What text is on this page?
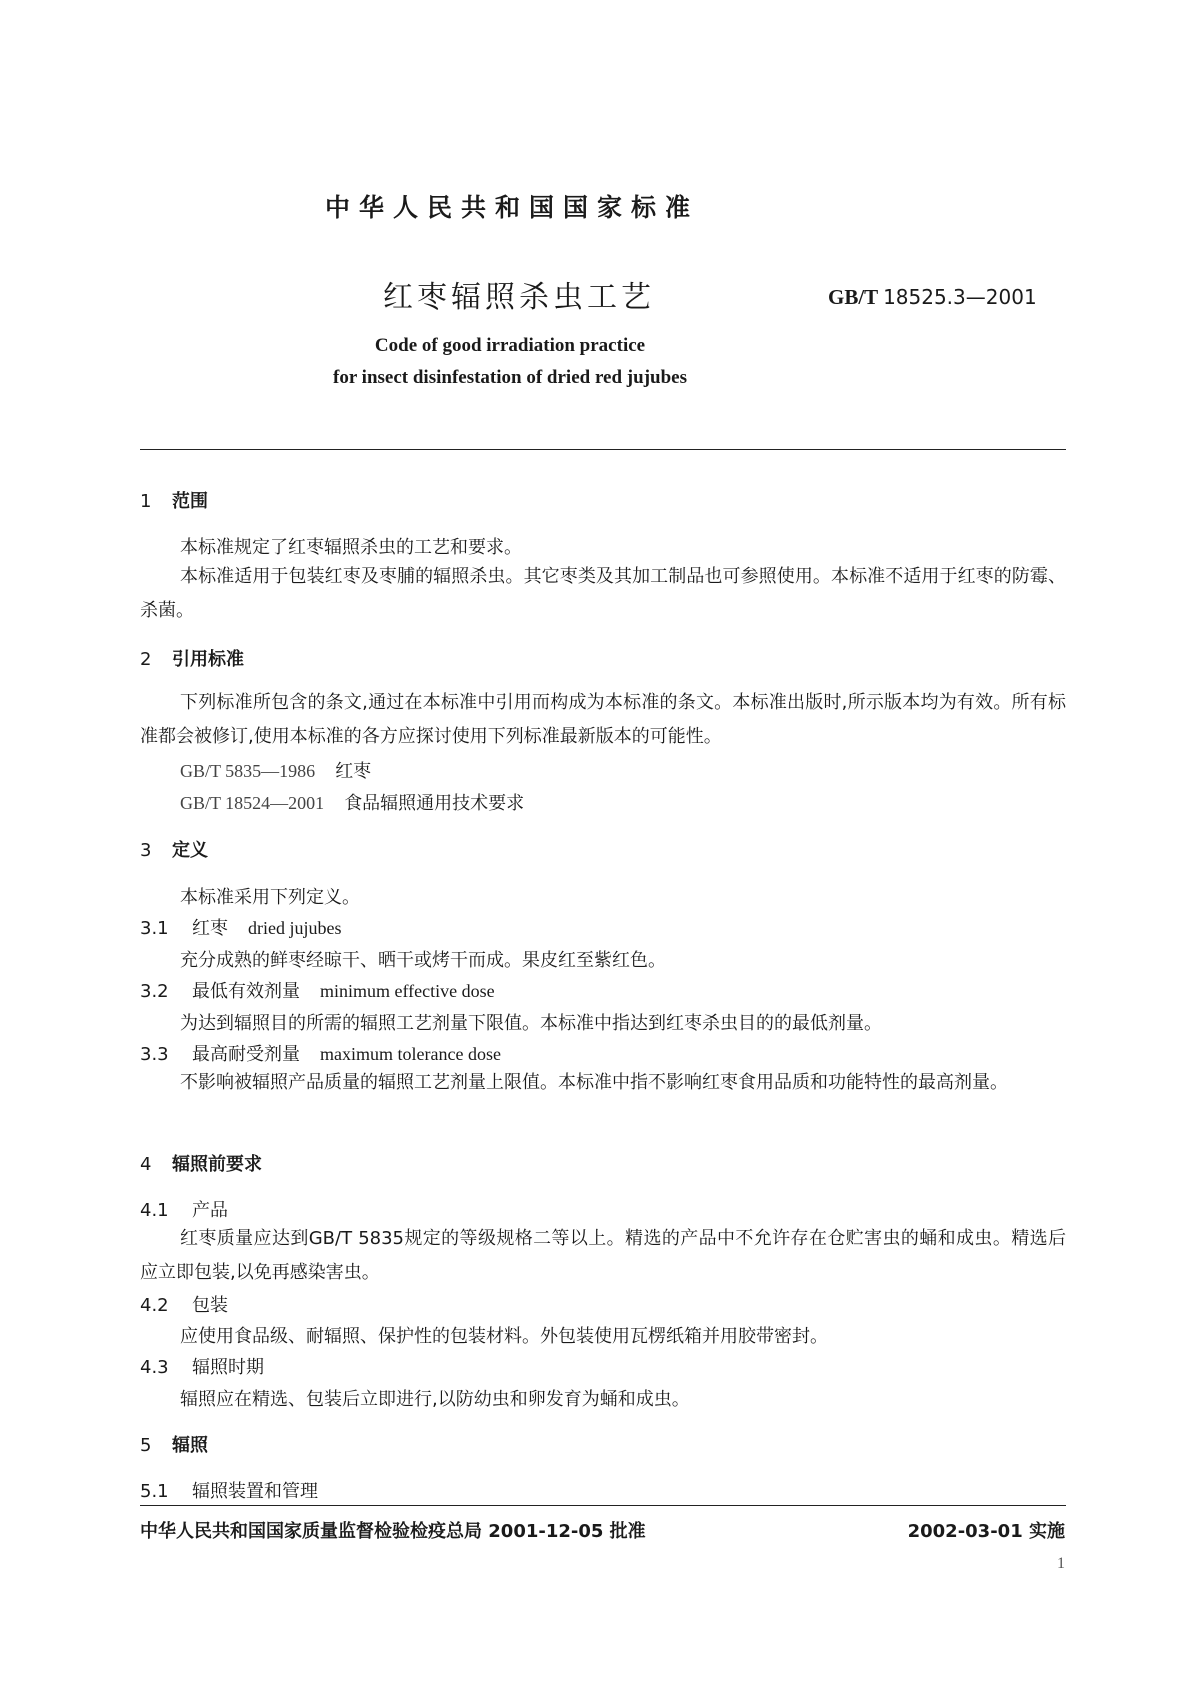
中华人民共和国国家标准
红枣辐照杀虫工艺	GB/T 18525.3—2001
Code of good irradiation practice
for insect disinfestation of dried red jujubes
1 范围
本标准规定了红枣辐照杀虫的工艺和要求。
本标准适用于包装红枣及枣脯的辐照杀虫。其它枣类及其加工制品也可参照使用。本标准不适用于红枣的防霉、杀菌。
2 引用标准
下列标准所包含的条文,通过在本标准中引用而构成为本标准的条文。本标准出版时,所示版本均为有效。所有标准都会被修订,使用本标准的各方应探讨使用下列标准最新版本的可能性。
GB/T 5835—1986 红枣
GB/T 18524—2001 食品辐照通用技术要求
3 定义
本标准采用下列定义。
3.1 红枣 dried jujubes
充分成熟的鲜枣经晾干、晒干或烤干而成。果皮红至紫红色。
3.2 最低有效剂量 minimum effective dose
为达到辐照目的所需的辐照工艺剂量下限值。本标准中指达到红枣杀虫目的的最低剂量。
3.3 最高耐受剂量 maximum tolerance dose
不影响被辐照产品质量的辐照工艺剂量上限值。本标准中指不影响红枣食用品质和功能特性的最高剂量。
4 辐照前要求
4.1 产品
红枣质量应达到GB/T 5835规定的等级规格二等以上。精选的产品中不允许存在仓贮害虫的蛹和成虫。精选后应立即包装,以免再感染害虫。
4.2 包装
应使用食品级、耐辐照、保护性的包装材料。外包装使用瓦楞纸箱并用胶带密封。
4.3 辐照时期
辐照应在精选、包装后立即进行,以防幼虫和卵发育为蛹和成虫。
5 辐照
5.1 辐照装置和管理
中华人民共和国国家质量监督检验检疫总局 2001-12-05 批准	2002-03-01 实施
1
